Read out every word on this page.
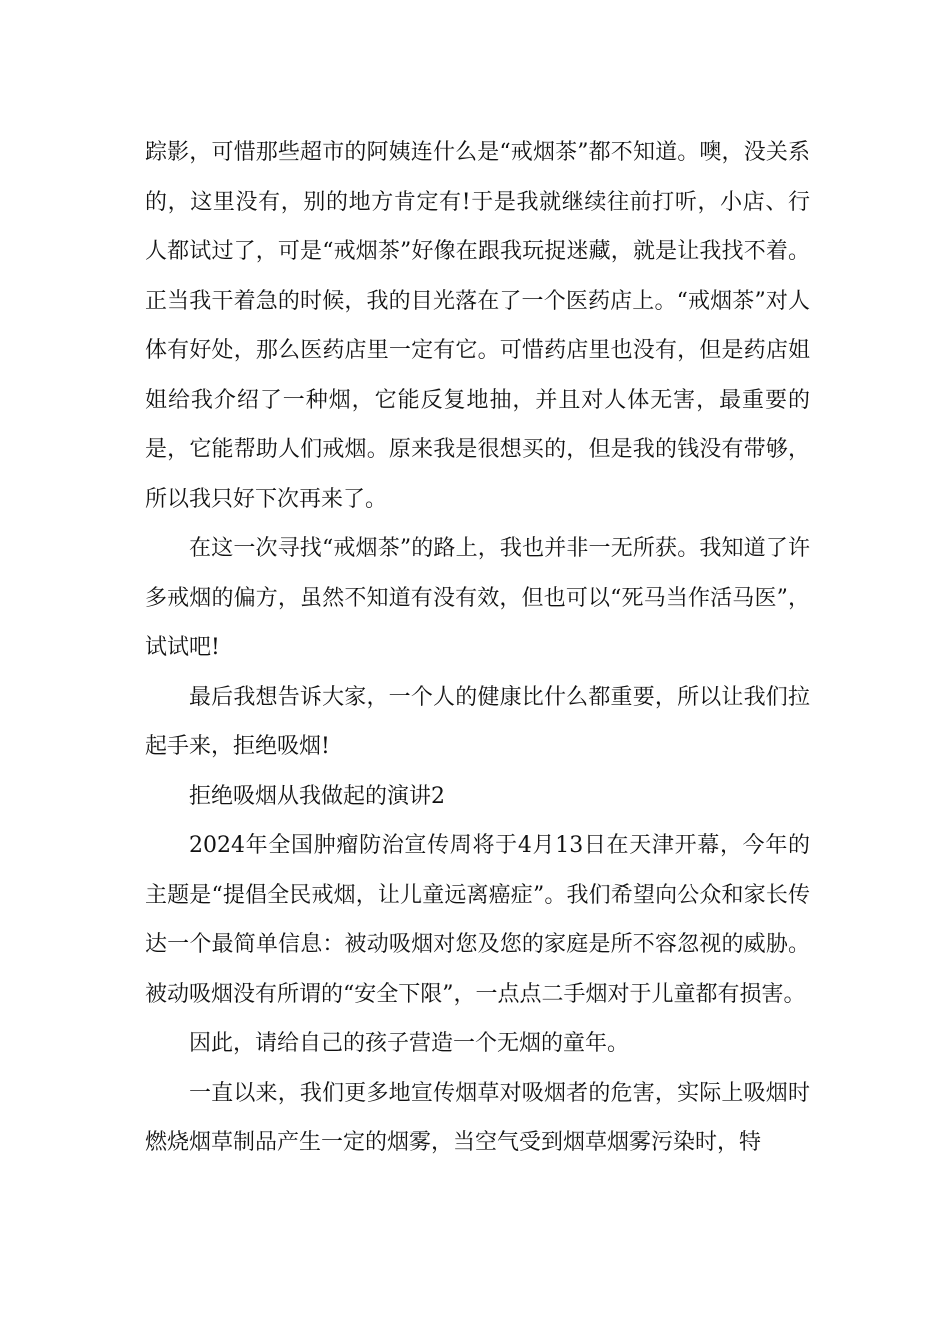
踪影，可惜那些超市的阿姨连什么是“戒烟茶”都不知道。噢，没关系的，这里没有，别的地方肯定有!于是我就继续往前打听，小店、行人都试过了，可是“戒烟茶”好像在跟我玩捉迷藏，就是让我找不着。正当我干着急的时候，我的目光落在了一个医药店上。“戒烟茶”对人体有好处，那么医药店里一定有它。可惜药店里也没有，但是药店姐姐给我介绍了一种烟，它能反复地抽，并且对人体无害，最重要的是，它能帮助人们戒烟。原来我是很想买的，但是我的钱没有带够，所以我只好下次再来了。

在这一次寻找“戒烟茶”的路上，我也并非一无所获。我知道了许多戒烟的偏方，虽然不知道有没有效，但也可以“死马当作活马医”，试试吧!

最后我想告诉大家，一个人的健康比什么都重要，所以让我们拉起手来，拒绝吸烟!

拒绝吸烟从我做起的演讲2

2024年全国肿瘤防治宣传周将于4月13日在天津开幕，今年的主题是“提倡全民戒烟，让儿童远离癌症”。我们希望向公众和家长传达一个最简单信息：被动吸烟对您及您的家庭是所不容忽视的威胁。被动吸烟没有所谓的“安全下限”，一点点二手烟对于儿童都有损害。

因此，请给自己的孩子营造一个无烟的童年。

一直以来，我们更多地宣传烟草对吸烟者的危害，实际上吸烟时燃烧烟草制品产生一定的烟雾，当空气受到烟草烟雾污染时，特
